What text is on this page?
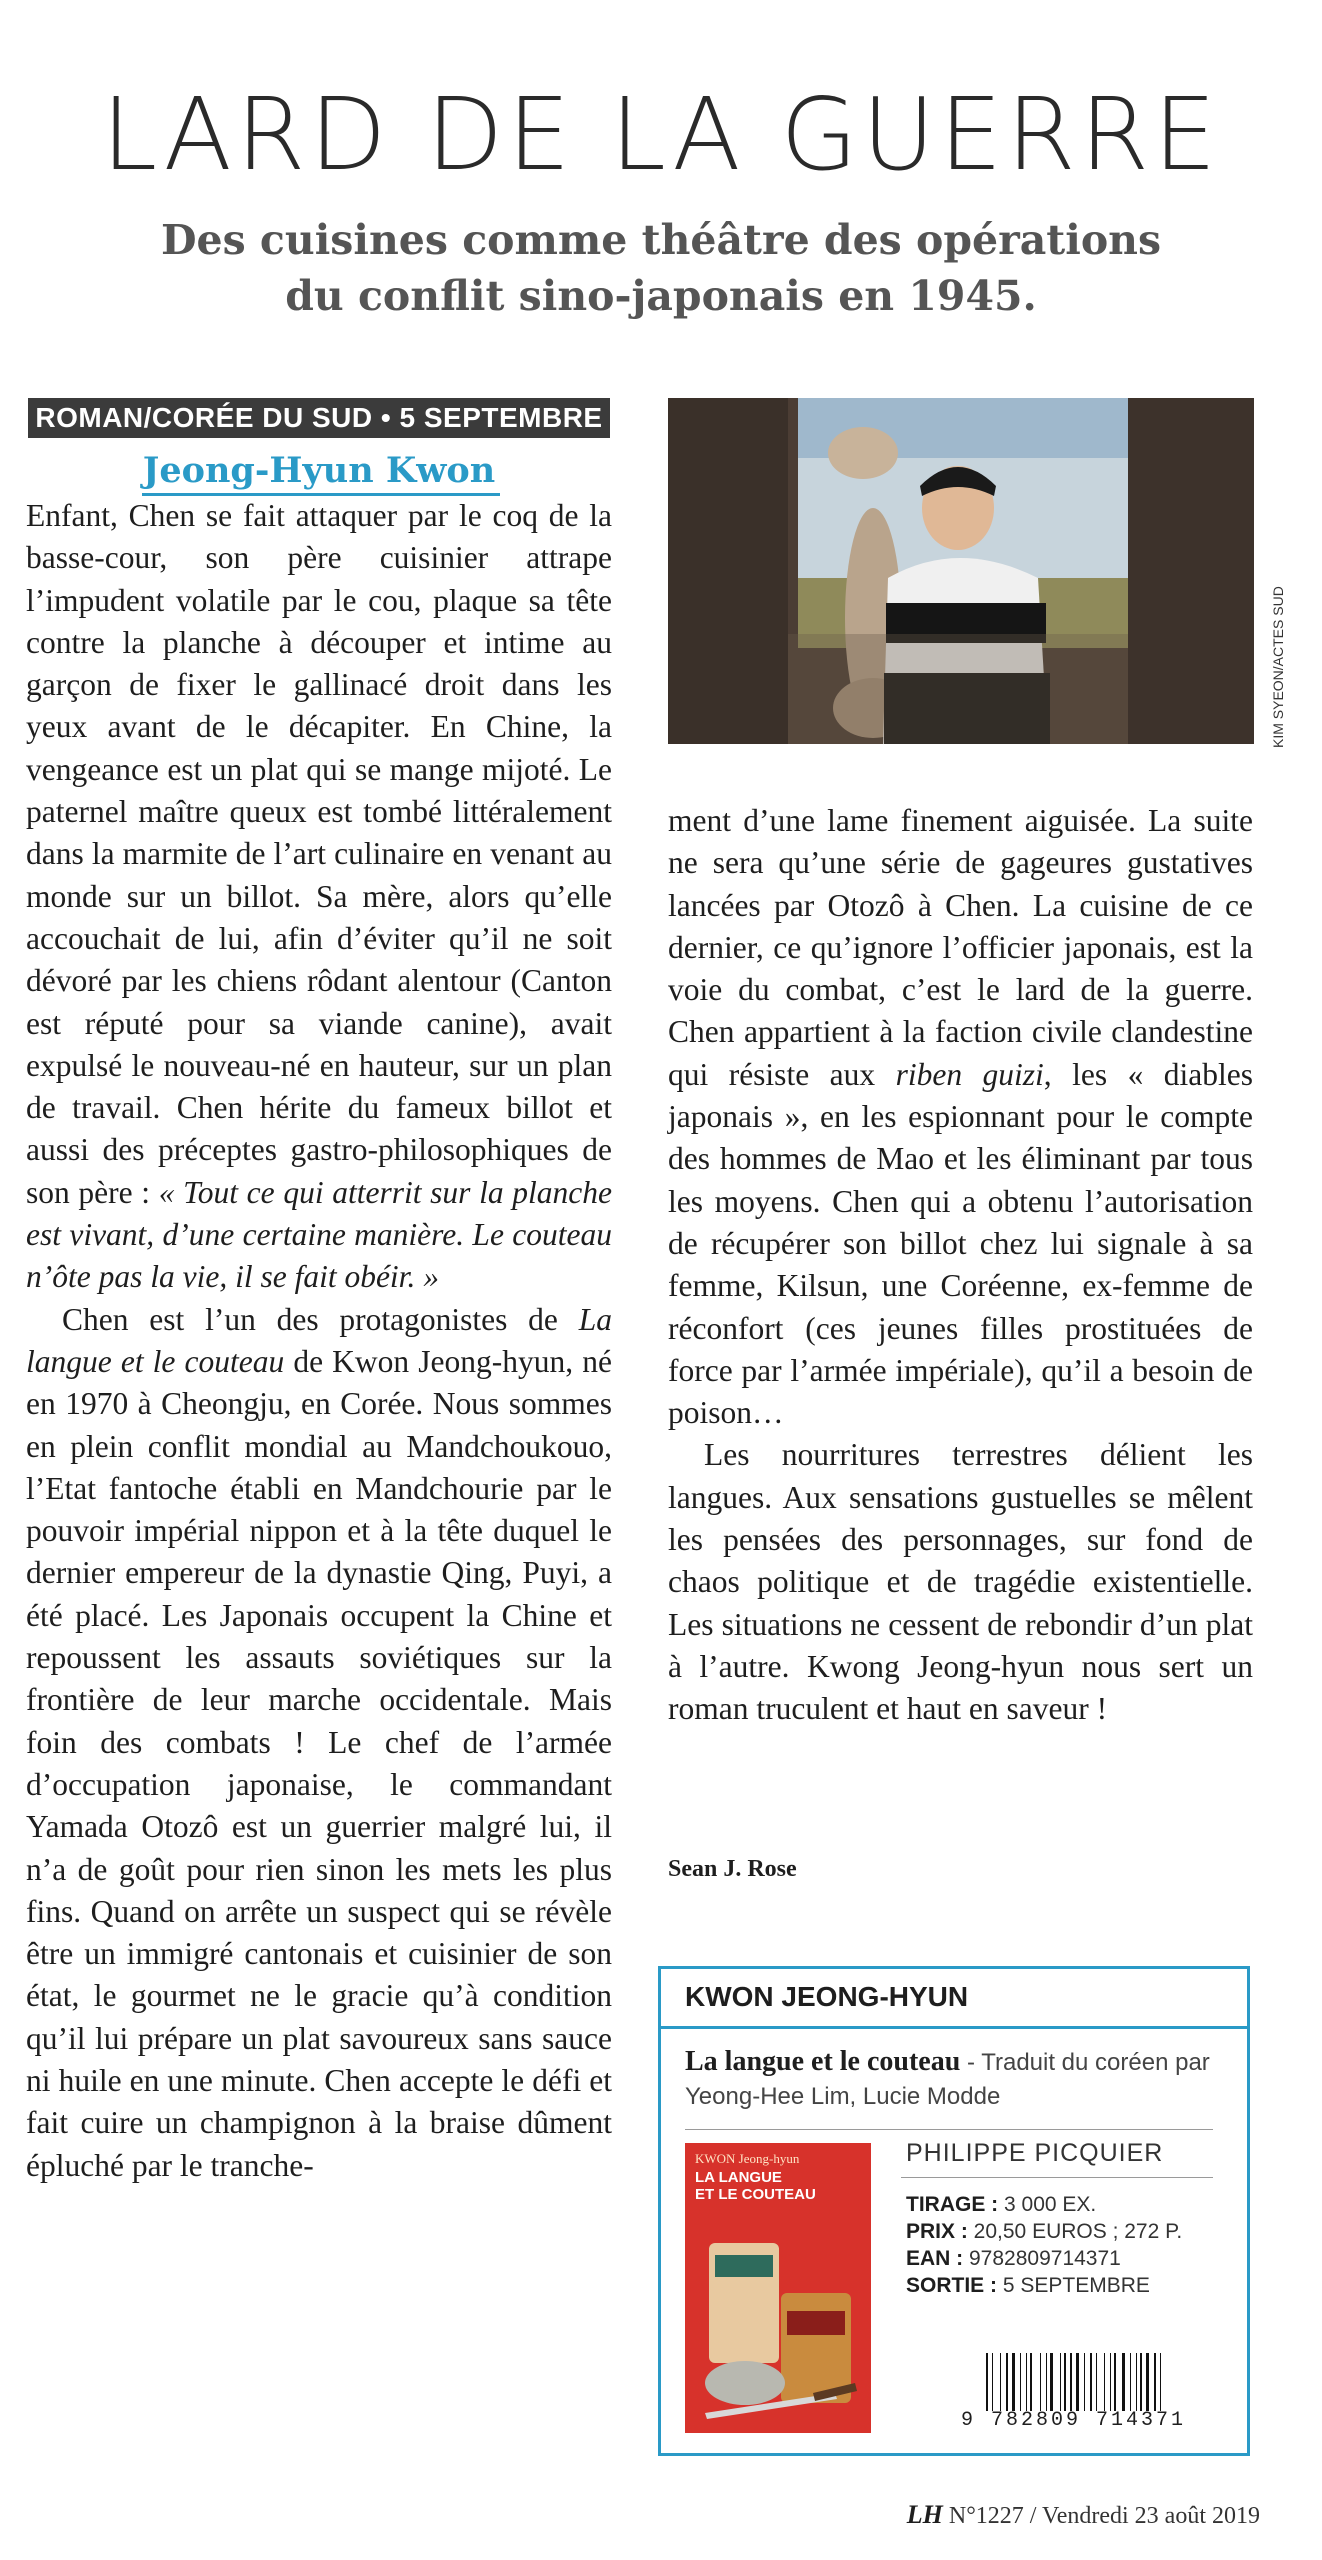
LARD DE LA GUERRE
Des cuisines comme théâtre des opérations
du conflit sino-japonais en 1945.
ROMAN/CORÉE DU SUD • 5 SEPTEMBRE
Jeong-Hyun Kwon

Enfant, Chen se fait attaquer par le coq de la basse-cour, son père cuisinier attrape l’impudent volatile par le cou, plaque sa tête contre la planche à découper et intime au garçon de fixer le gallinacé droit dans les yeux avant de le décapiter. En Chine, la vengeance est un plat qui se mange mijoté. Le paternel maître queux est tombé littéralement dans la marmite de l’art culinaire en venant au monde sur un billot. Sa mère, alors qu’elle accouchait de lui, afin d’éviter qu’il ne soit dévoré par les chiens rôdant alentour (Canton est réputé pour sa viande canine), avait expulsé le nouveau-né en hauteur, sur un plan de travail. Chen hérite du fameux billot et aussi des préceptes gastro-philosophiques de son père : « Tout ce qui atterrit sur la planche est vivant, d’une certaine manière. Le couteau n’ôte pas la vie, il se fait obéir. »

Chen est l’un des protagonistes de La langue et le couteau de Kwon Jeong-hyun, né en 1970 à Cheongju, en Corée. Nous sommes en plein conflit mondial au Mandchoukouo, l’Etat fantoche établi en Mandchourie par le pouvoir impérial nippon et à la tête duquel le dernier empereur de la dynastie Qing, Puyi, a été placé. Les Japonais occupent la Chine et repoussent les assauts soviétiques sur la frontière de leur marche occidentale. Mais foin des combats ! Le chef de l’armée d’occupation japonaise, le commandant Yamada Otozô est un guerrier malgré lui, il n’a de goût pour rien sinon les mets les plus fins. Quand on arrête un suspect qui se révèle être un immigré cantonais et cuisinier de son état, le gourmet ne le gracie qu’à condition qu’il lui prépare un plat savoureux sans sauce ni huile en une minute. Chen accepte le défi et fait cuire un champignon à la braise dûment épluché par le tranche-

KIM SYEON/ACTES SUD

ment d’une lame finement aiguisée. La suite ne sera qu’une série de gageures gustatives lancées par Otozô à Chen. La cuisine de ce dernier, ce qu’ignore l’officier japonais, est la voie du combat, c’est le lard de la guerre. Chen appartient à la faction civile clandestine qui résiste aux riben guizi, les « diables japonais », en les espionnant pour le compte des hommes de Mao et les éliminant par tous les moyens. Chen qui a obtenu l’autorisation de récupérer son billot chez lui signale à sa femme, Kilsun, une Coréenne, ex-femme de réconfort (ces jeunes filles prostituées de force par l’armée impériale), qu’il a besoin de poison…

Les nourritures terrestres délient les langues. Aux sensations gustuelles se mêlent les pensées des personnages, sur fond de chaos politique et de tragédie existentielle. Les situations ne cessent de rebondir d’un plat à l’autre. Kwong Jeong-hyun nous sert un roman truculent et haut en saveur !

Sean J. Rose
KWON JEONG-HYUN
La langue et le couteau - Traduit du coréen par Yeong-Hee Lim, Lucie Modde
KWON Jeong-hyun
LA LANGUE
ET LE COUTEAU
PHILIPPE PICQUIER
TIRAGE : 3 000 EX.
PRIX : 20,50 EUROS ; 272 P.
EAN : 9782809714371
SORTIE : 5 SEPTEMBRE
9 782809 714371
LH N°1227 / Vendredi 23 août 2019
